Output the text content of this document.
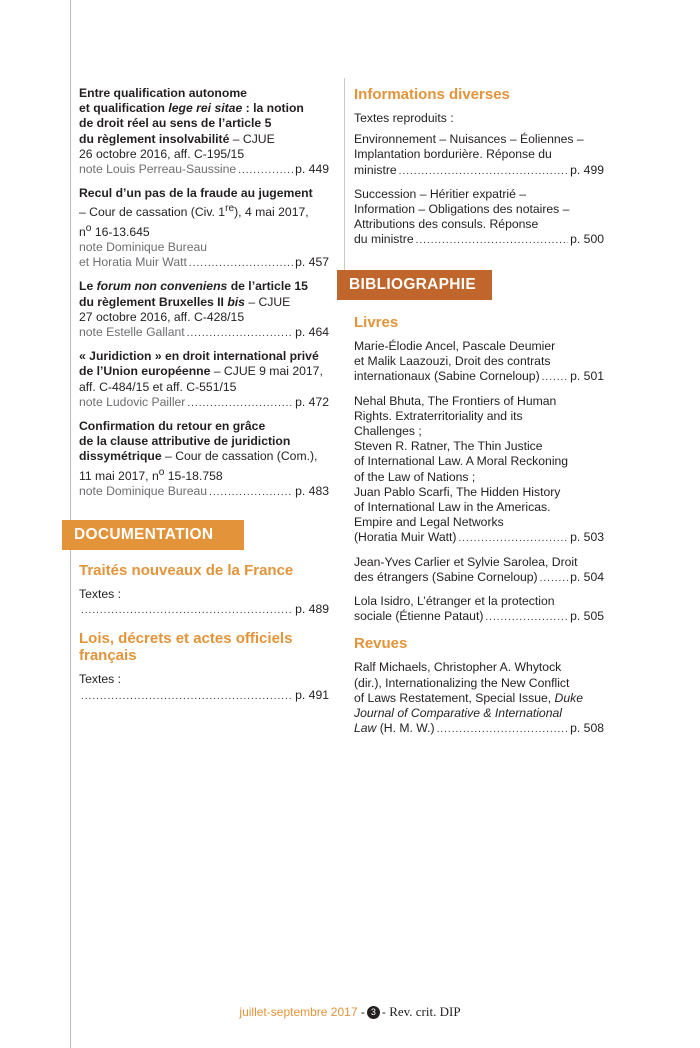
Entre qualification autonome
et qualification lege rei sitae : la notion
de droit réel au sens de l’article 5
du règlement insolvabilité – CJUE
26 octobre 2016, aff. C-195/15
note Louis Perreau-Saussine .....	p. 449
Recul d’un pas de la fraude au jugement
– Cour de cassation (Civ. 1re), 4 mai 2017,
$n^o$ 16-13.645
note Dominique Bureau
et Horatia Muir Watt .....	p. 457
Le forum non conveniens de l’article 15
du règlement Bruxelles II bis – CJUE
27 octobre 2016, aff. C-428/15
note Estelle Gallant .....	p. 464
« Juridiction » en droit international privé
de l’Union européenne – CJUE 9 mai 2017,
aff. C-484/15 et aff. C-551/15
note Ludovic Pailler .....	p. 472
Confirmation du retour en grâce
de la clause attributive de juridiction
dissymétrique – Cour de cassation (Com.),
11 mai 2017, $n^o$ 15-18.758
note Dominique Bureau .....	p. 483
DOCUMENTATION
Traités nouveaux de la France
Textes :
.....
p. 489
Lois, décrets et actes officiels
français
Textes :
.....
p. 491
Informations diverses
Textes reproduits :
Environnement – Nuisances – Éoliennes –
Implantation bordurière. Réponse du
ministre .....	p. 499
Succession – Héritier expatrié –
Information – Obligations des notaires –
Attributions des consuls. Réponse
du ministre .....	p. 500
BIBLIOGRAPHIE
Livres
Marie-Élodie Ancel, Pascale Deumier
et Malik Laazouzi, Droit des contrats
internationaux (Sabine Corneloup) ..... p. 501
Nehal Bhuta, The Frontiers of Human
Rights. Extraterritoriality and its
Challenges ;
Steven R. Ratner, The Thin Justice
of International Law. A Moral Reckoning
of the Law of Nations ;
Juan Pablo Scarfi, The Hidden History
of International Law in the Americas.
Empire and Legal Networks
(Horatia Muir Watt) .....	p. 503
Jean-Yves Carlier et Sylvie Sarolea, Droit
des étrangers (Sabine Corneloup) .....	p. 504
Lola Isidro, L’étranger et la protection
sociale (Étienne Pataut) .....	p. 505
Revues
Ralf Michaels, Christopher A. Whytock
(dir.), Internationalizing the New Conflict
of Laws Restatement, Special Issue, Duke
Journal of Comparative & International
Law (H. M. W.) .....	p. 508
juillet-septembre 2017 - 3 - Rev. crit. DIP
